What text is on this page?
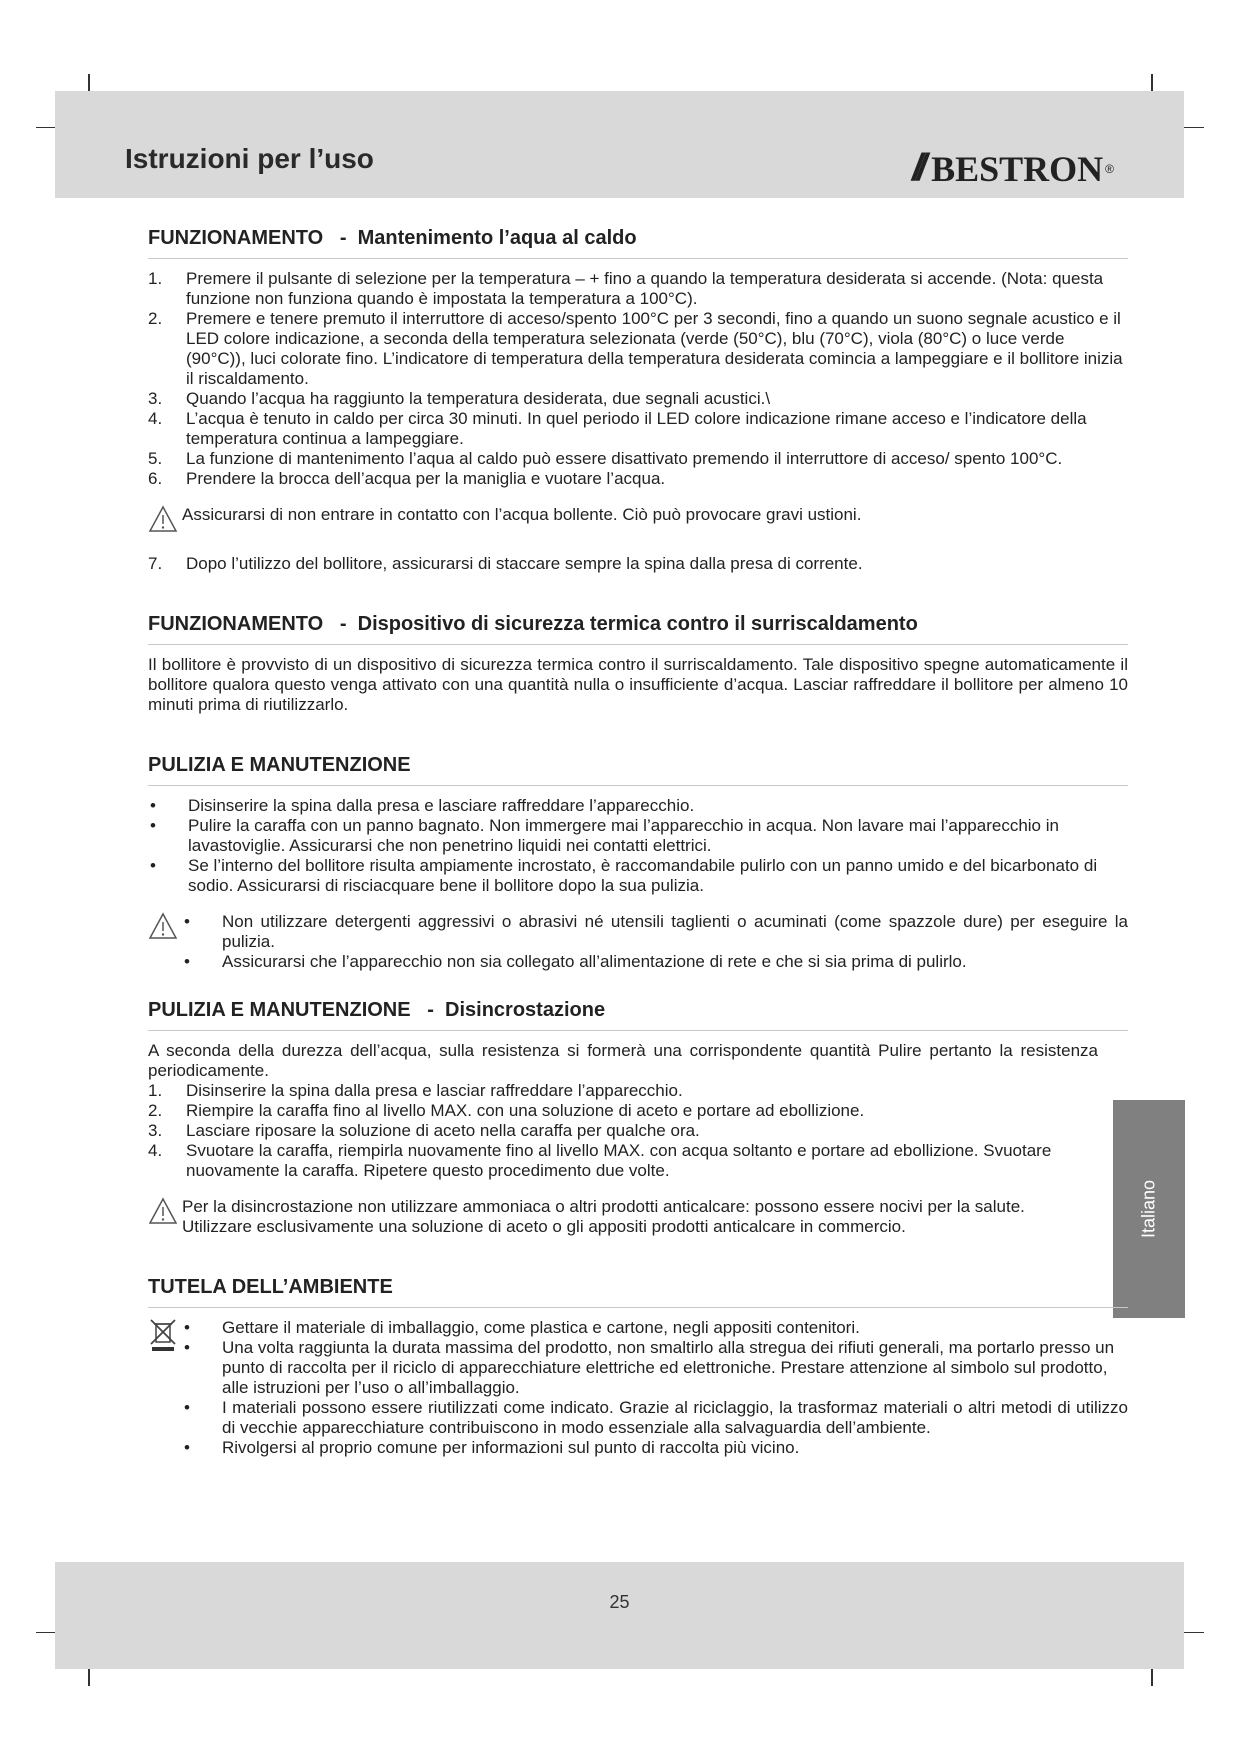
Istruzioni per l’uso	// BESTRON ®
Italiano
FUNZIONAMENTO   -  Mantenimento l’aqua al caldo
1.	Premere il pulsante di selezione per la temperatura – + fino a quando la temperatura desiderata si accende. (Nota: questa funzione non funziona quando è impostata la temperatura a 100°C).
2.	Premere e tenere premuto il interruttore di acceso/spento 100°C per 3 secondi, fino a quando un suono segnale acustico e il LED colore indicazione, a seconda della temperatura selezionata (verde (50°C), blu (70°C), viola (80°C) o luce verde (90°C)), luci colorate fino. L’indicatore di temperatura della temperatura desiderata comincia a lampeggiare e il bollitore inizia il riscaldamento.
3.	Quando l’acqua ha raggiunto la temperatura desiderata, due segnali acustici.\
4.	L’acqua è tenuto in caldo per circa 30 minuti. In quel periodo il LED colore indicazione rimane acceso e l’indicatore della temperatura continua a lampeggiare.
5.	La funzione di mantenimento l’aqua al caldo può essere disattivato premendo il interruttore di acceso/ spento 100°C.
6.	Prendere la brocca dell’acqua per la maniglia e vuotare l’acqua.
Assicurarsi di non entrare in contatto con l’acqua bollente. Ciò può provocare gravi ustioni.
7.	Dopo l’utilizzo del bollitore, assicurarsi di staccare sempre la spina dalla presa di corrente.
FUNZIONAMENTO   -  Dispositivo di sicurezza termica contro il surriscaldamento
Il bollitore è provvisto di un dispositivo di sicurezza termica contro il surriscaldamento. Tale dispositivo spegne automaticamente il bollitore qualora questo venga attivato con una quantità nulla o insufficiente d’acqua. Lasciar raffreddare il bollitore per almeno 10 minuti prima di riutilizzarlo.
PULIZIA E MANUTENZIONE
•	Disinserire la spina dalla presa e lasciare raffreddare l’apparecchio.
•	Pulire la caraffa con un panno bagnato. Non immergere mai l’apparecchio in acqua. Non lavare mai l’apparecchio in lavastoviglie. Assicurarsi che non penetrino liquidi nei contatti elettrici.
•	Se l’interno del bollitore risulta ampiamente incrostato, è raccomandabile pulirlo con un panno umido e del bicarbonato di sodio. Assicurarsi di risciacquare bene il bollitore dopo la sua pulizia.
•	Non utilizzare detergenti aggressivi o abrasivi né utensili taglienti o acuminati (come spazzole dure) per eseguire la pulizia.
•	Assicurarsi che l’apparecchio non sia collegato all’alimentazione di rete e che si sia prima di pulirlo.
PULIZIA E MANUTENZIONE   -  Disincrostazione
A seconda della durezza dell’acqua, sulla resistenza si formerà una corrispondente quantità Pulire pertanto la resistenza periodicamente.
1.	Disinserire la spina dalla presa e lasciar raffreddare l’apparecchio.
2.	Riempire la caraffa fino al livello MAX. con una soluzione di aceto e portare ad ebollizione.
3.	Lasciare riposare la soluzione di aceto nella caraffa per qualche ora.
4.	Svuotare la caraffa, riempirla nuovamente fino al livello MAX. con acqua soltanto e portare ad ebollizione. Svuotare nuovamente la caraffa. Ripetere questo procedimento due volte.
Per la disincrostazione non utilizzare ammoniaca o altri prodotti anticalcare: possono essere nocivi per la salute. Utilizzare esclusivamente una soluzione di aceto o gli appositi prodotti anticalcare in commercio.
TUTELA DELL’AMBIENTE
•	Gettare il materiale di imballaggio, come plastica e cartone, negli appositi contenitori.
•	Una volta raggiunta la durata massima del prodotto, non smaltirlo alla stregua dei rifiuti generali, ma portarlo presso un punto di raccolta per il riciclo di apparecchiature elettriche ed elettroniche. Prestare attenzione al simbolo sul prodotto, alle istruzioni per l’uso o all’imballaggio.
•	I materiali possono essere riutilizzati come indicato. Grazie al riciclaggio, la trasformaz materiali o altri metodi di utilizzo di vecchie apparecchiature contribuiscono in modo essenziale alla salvaguardia dell’ambiente.
•	Rivolgersi al proprio comune per informazioni sul punto di raccolta più vicino.
25
